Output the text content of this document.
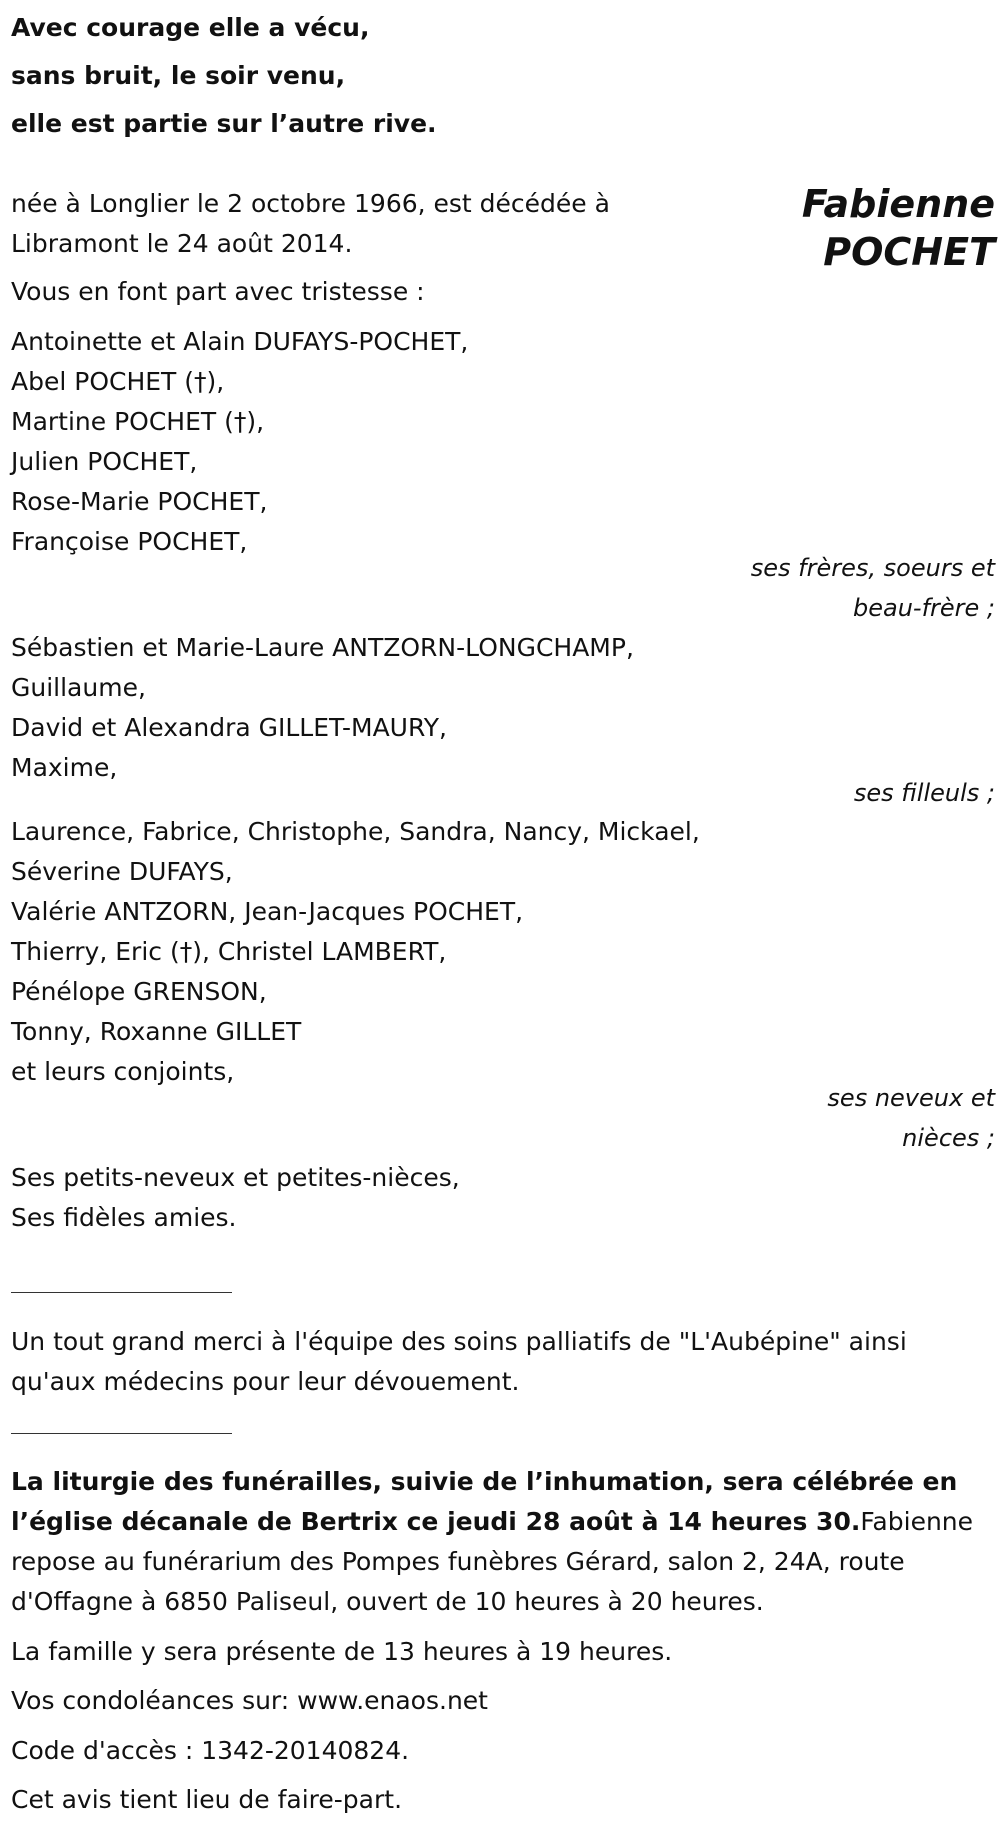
Avec courage elle a vécu,
sans bruit, le soir venu,
elle est partie sur l’autre rive.
Fabienne
POCHET
née à Longlier le 2 octobre 1966, est décédée à
Libramont le 24 août 2014.
Vous en font part avec tristesse :
Antoinette et Alain DUFAYS-POCHET,
Abel POCHET (†),
Martine POCHET (†),
Julien POCHET,
Rose-Marie POCHET,
Françoise POCHET,
ses frères, soeurs et
beau-frère ;
Sébastien et Marie-Laure ANTZORN-LONGCHAMP,
Guillaume,
David et Alexandra GILLET-MAURY,
Maxime,
ses filleuls ;
Laurence, Fabrice, Christophe, Sandra, Nancy, Mickael,
Séverine DUFAYS,
Valérie ANTZORN, Jean-Jacques POCHET,
Thierry, Eric (†), Christel LAMBERT,
Pénélope GRENSON,
Tonny, Roxanne GILLET
et leurs conjoints,
ses neveux et
nièces ;
Ses petits-neveux et petites-nièces,
Ses fidèles amies.
Un tout grand merci à l'équipe des soins palliatifs de "L'Aubépine" ainsi
qu'aux médecins pour leur dévouement.
La liturgie des funérailles, suivie de l’inhumation, sera célébrée en
l’église décanale de Bertrix ce jeudi 28 août à 14 heures 30.Fabienne
repose au funérarium des Pompes funèbres Gérard, salon 2, 24A, route
d'Offagne à 6850 Paliseul, ouvert de 10 heures à 20 heures.
La famille y sera présente de 13 heures à 19 heures.
Vos condoléances sur: www.enaos.net
Code d'accès : 1342-20140824.
Cet avis tient lieu de faire-part.
